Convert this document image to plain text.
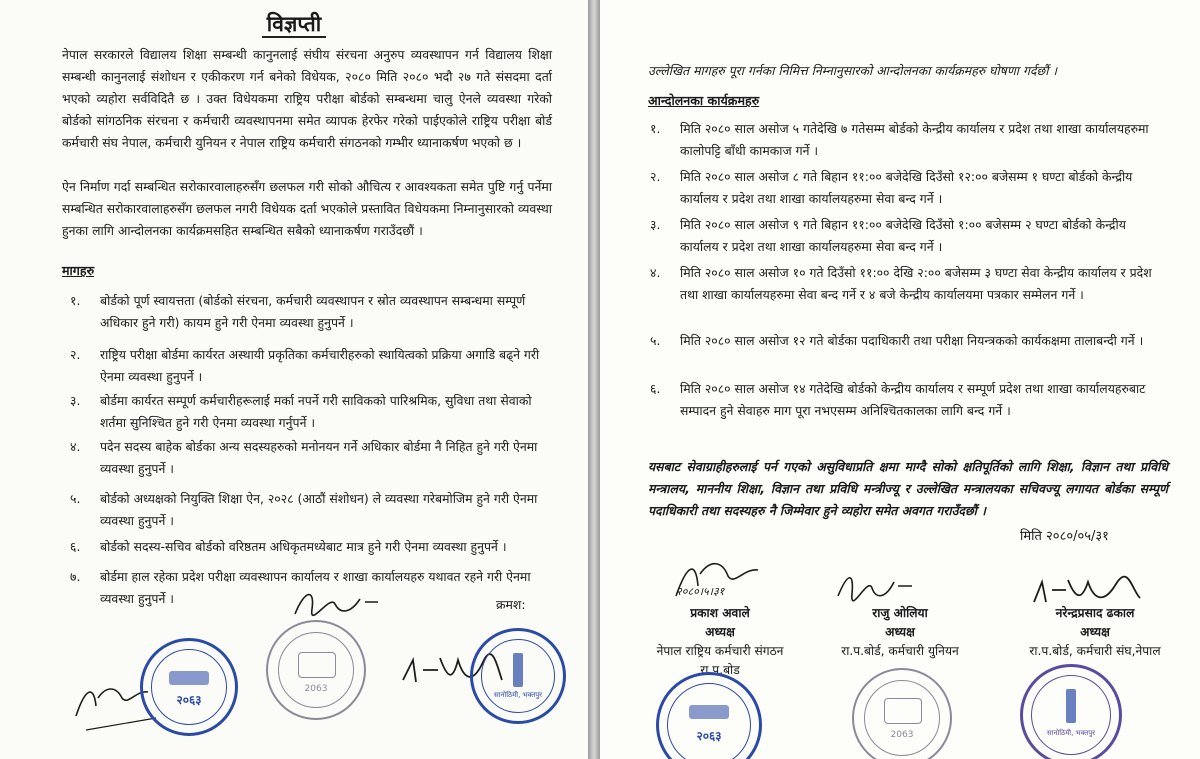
विज्ञप्ती
नेपाल सरकारले विद्यालय शिक्षा सम्बन्धी कानुनलाई संघीय संरचना अनुरुप व्यवस्थापन गर्न विद्यालय शिक्षा सम्बन्धी कानुनलाई संशोधन र एकीकरण गर्न बनेको विधेयक, २०८० मिति २०८० भदौ २७ गते संसदमा दर्ता भएको व्यहोरा सर्वविदितै छ । उक्त विधेयकमा राष्ट्रिय परीक्षा बोर्डको सम्बन्धमा चालु ऐनले व्यवस्था गरेको बोर्डको सांगठनिक संरचना र कर्मचारी व्यवस्थापनमा समेत व्यापक हेरफेर गरेको पाईएकोले राष्ट्रिय परीक्षा बोर्ड कर्मचारी संघ नेपाल, कर्मचारी युनियन र नेपाल राष्ट्रिय कर्मचारी संगठनको गम्भीर ध्यानाकर्षण भएको छ ।
ऐन निर्माण गर्दा सम्बन्धित सरोकारवालाहरुसँग छलफल गरी सोको औचित्य र आवश्यकता समेत पुष्टि गर्नु पर्नेमा सम्बन्धित सरोकारवालाहरुसँग छलफल नगरी विधेयक दर्ता भएकोले प्रस्तावित विधेयकमा निम्नानुसारको व्यवस्था हुनका लागि आन्दोलनका कार्यक्रमसहित सम्बन्धित सबैको ध्यानाकर्षण गराउँदछौं ।
मागहरु
१.	बोर्डको पूर्ण स्वायत्तता (बोर्डको संरचना, कर्मचारी व्यवस्थापन र स्रोत व्यवस्थापन सम्बन्धमा सम्पूर्ण अधिकार हुने गरी) कायम हुने गरी ऐनमा व्यवस्था हुनुपर्ने ।
२.	राष्ट्रिय परीक्षा बोर्डमा कार्यरत अस्थायी प्रकृतिका कर्मचारीहरुको स्थायित्वको प्रक्रिया अगाडि बढ्ने गरी ऐनमा व्यवस्था हुनुपर्ने ।
३.	बोर्डमा कार्यरत सम्पूर्ण कर्मचारीहरूलाई मर्का नपर्ने गरी साविकको पारिश्रमिक, सुविधा तथा सेवाको शर्तमा सुनिश्चित हुने गरी ऐनमा व्यवस्था गर्नुपर्ने ।
४.	पदेन सदस्य बाहेक बोर्डका अन्य सदस्यहरुको मनोनयन गर्ने अधिकार बोर्डमा नै निहित हुने गरी ऐनमा व्यवस्था हुनुपर्ने ।
५.	बोर्डको अध्यक्षको नियुक्ति शिक्षा ऐन, २०२८ (आठौं संशोधन) ले व्यवस्था गरेबमोजिम हुने गरी ऐनमा व्यवस्था हुनुपर्ने ।
६.	बोर्डको सदस्य-सचिव बोर्डको वरिष्ठतम अधिकृतमध्येबाट मात्र हुने गरी ऐनमा व्यवस्था हुनुपर्ने ।
७.	बोर्डमा हाल रहेका प्रदेश परीक्षा व्यवस्थापन कार्यालय र शाखा कार्यालयहरु यथावत रहने गरी ऐनमा व्यवस्था हुनुपर्ने ।	क्रमश:
२०६३
2063
सानोठिमी, भक्तपुर
उल्लेखित मागहरु पूरा गर्नका निमित्त निम्नानुसारको आन्दोलनका कार्यक्रमहरु घोषणा गर्दछौं ।
आन्दोलनका कार्यक्रमहरु
१.	मिति २०८० साल असोज ५ गतेदेखि ७ गतेसम्म बोर्डको केन्द्रीय कार्यालय र प्रदेश तथा शाखा कार्यालयहरुमा कालोपट्टि बाँधी कामकाज गर्ने ।
२.	मिति २०८० साल असोज ८ गते बिहान ११:०० बजेदेखि दिउँसो १२:०० बजेसम्म १ घण्टा बोर्डको केन्द्रीय कार्यालय र प्रदेश तथा शाखा कार्यालयहरुमा सेवा बन्द गर्ने ।
३.	मिति २०८० साल असोज ९ गते बिहान ११:०० बजेदेखि दिउँसो १:०० बजेसम्म २ घण्टा बोर्डको केन्द्रीय कार्यालय र प्रदेश तथा शाखा कार्यालयहरुमा सेवा बन्द गर्ने ।
४.	मिति २०८० साल असोज १० गते दिउँसो ११:०० देखि २:०० बजेसम्म ३ घण्टा सेवा केन्द्रीय कार्यालय र प्रदेश तथा शाखा कार्यालयहरुमा सेवा बन्द गर्ने र ४ बजे केन्द्रीय कार्यालयमा पत्रकार सम्मेलन गर्ने ।
५.	मिति २०८० साल असोज १२ गते बोर्डका पदाधिकारी तथा परीक्षा नियन्त्रकको कार्यकक्षमा तालाबन्दी गर्ने ।
६.	मिति २०८० साल असोज १४ गतेदेखि बोर्डको केन्द्रीय कार्यालय र सम्पूर्ण प्रदेश तथा शाखा कार्यालयहरुबाट सम्पादन हुने सेवाहरु माग पूरा नभएसम्म अनिश्चितकालका लागि बन्द गर्ने ।
यसबाट सेवाग्राहीहरुलाई पर्न गएको असुविधाप्रति क्षमा माग्दै सोको क्षतिपूर्तिको लागि शिक्षा, विज्ञान तथा प्रविधि मन्त्रालय, माननीय शिक्षा, विज्ञान तथा प्रविधि मन्त्रीज्यू र उल्लेखित मन्त्रालयका सचिवज्यू लगायत बोर्डका सम्पूर्ण पदाधिकारी तथा सदस्यहरु नै जिम्मेवार हुने व्यहोरा समेत अवगत गराउँदछौं ।
मिति २०८०/०५/३१
२०८०।५।३१
प्रकाश अवाले
अध्यक्ष
नेपाल राष्ट्रिय कर्मचारी संगठन
रा.प.बोड
राजु ओलिया
अध्यक्ष
रा.प.बोर्ड, कर्मचारी युनियन
नरेन्द्रप्रसाद ढकाल
अध्यक्ष
रा.प.बोर्ड, कर्मचारी संघ,नेपाल
२०६३	2063	सानोठिमी, भक्तपुर
